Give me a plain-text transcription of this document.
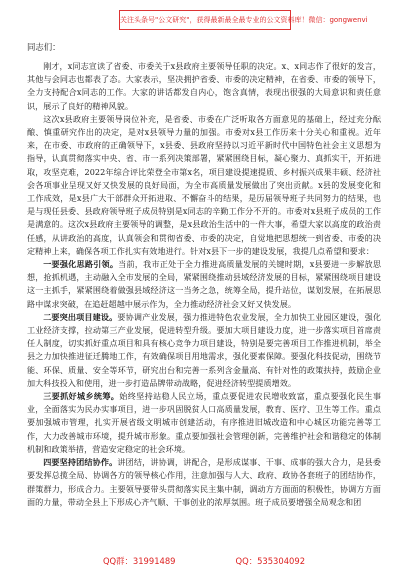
关注头条号"公文研究"，获得最新最全最专业的公文资料库！微信：gongwenvi

同志们：

刚才，x同志宣读了省委、市委关于x县政府主要领导任职的决定。x、x同志作了很好的发言，其他与会同志也都表了态。大家表示，坚决拥护省委、市委的决定精神，在省委、市委的领导下，全力支持配合x同志的工作。大家的讲话都发自内心，饱含真情，表现出很强的大局意识和责任意识，展示了良好的精神风貌。

这次x县政府主要领导岗位补充，是省委、市委在广泛听取各方面意见的基础上，经过充分酝酿、慎重研究作出的决定，是对x县领导力量的加强。市委对x县工作历来十分关心和重视。近年来，在市委、市政府的正确领导下，x县委、县政府坚持以习近平新时代中国特色社会主义思想为指导，认真贯彻落实中央、省、市一系列决策部署，紧紧围绕目标，凝心聚力、真抓实干，开拓进取，攻坚克难，2022年综合评比荣登全市第x名，项目建设提速提质、乡村振兴成果丰硕、经济社会各项事业呈现又好又快发展的良好局面，为全市高质量发展做出了突出贡献。x县的发展变化和工作成效，是x县广大干部群众开拓进取、不懈奋斗的结果，是历届领导班子共同努力的结果，也是与现任县委、县政府领导班子成员特别是x同志的辛勤工作分不开的。市委对x县班子成员的工作是满意的。这次x县政府主要领导的调整，是x县政治生活中的一件大事，希望大家以高度的政治责任感，从讲政治的高度，认真领会和贯彻省委、市委的决定，自觉地把思想统一到省委、市委的决定精神上来，确保各项工作扎实有效地进行。针对x县下一步的建设发展，我提几点希望和要求：

一要强化思路引领。当前，我市正处于全力推进高质量发展的关键时期，x县要进一步解放思想，抢抓机遇，主动融入全市发展的全局，紧紧围绕推动县域经济发展的目标，紧紧围绕项目建设这一主抓手，紧紧围绕着做强县域经济这一当务之急，统筹全局，提升站位，谋划发展，在拓展思路中谋求突破，在追赶超越中展示作为，全力推动经济社会又好又快发展。

二要突出项目建设。要协调产业发展，强力推进特色农业发展，全力加快工业园区建设，强化工业经济支撑，拉动第三产业发展，促进转型升级。要加大项目建设力度，进一步落实项目首席责任人制度，切实抓好重点项目和具有核心竞争力项目建设，特别是要完善项目工作推进机制，举全县之力加快推进征迁腾地工作，有效确保项目用地需求，强化要素保障。要强化科技促动，围绕节能、环保、质量、安全等环节，研究出台和完善一系列含金量高、有针对性的政策扶持，鼓励企业加大科技投入和使用，进一步打造品牌带动战略，促进经济转型提质增效。

三要抓好城乡统筹。始终坚持站稳人民立场，重点要促进农民增收致富，重点要强化民生事业，全面落实为民办实事项目，进一步巩固脱贫人口高质量发展，教育、医疗、卫生等工作。重点要加强城市管理，扎实开展省级文明城市创建活动，有序推进旧城改造和中心城区功能完善等工作，大力改善城市环境，提升城市形象。重点要加强社会管理创新，完善维护社会和谐稳定的体制机制和政策举措，营造安定稳定的社会环境。

四要坚持团结协作。讲团结，讲协调，讲配合，是形成谋事、干事、成事的强大合力，是县委要发挥总揽全局、协调各方的领导核心作用，注意加强与人大、政府、政协各套班子的团结协作，群策群力，形成合力。主要领导要带头贯彻落实民主集中制，调动方方面面的积极性，协调方方面面的力量，带动全县上下形成心齐气顺、干事创业的浓厚氛围。班子成员要增强全局观念和团

QQ群：31991489	QQ：535304092
